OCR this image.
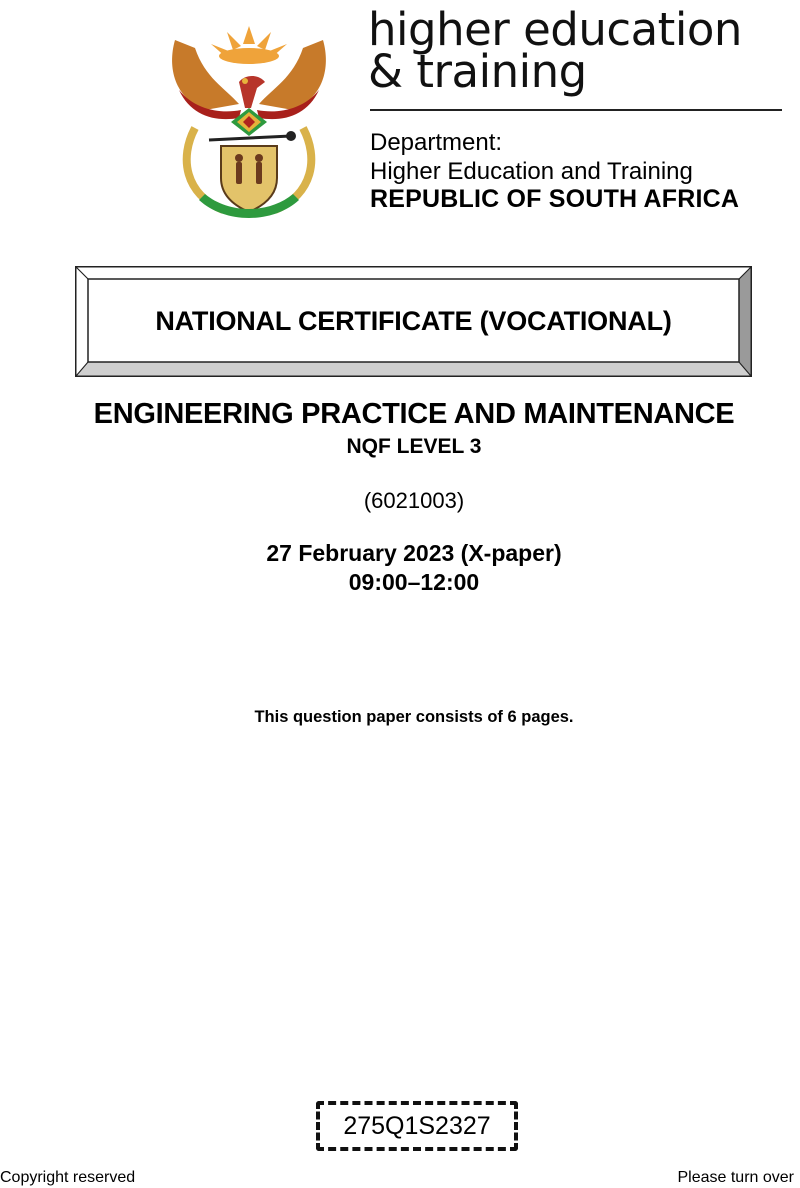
higher education
& training
Department:
Higher Education and Training
REPUBLIC OF SOUTH AFRICA
NATIONAL CERTIFICATE (VOCATIONAL)
ENGINEERING PRACTICE AND MAINTENANCE
NQF LEVEL 3
(6021003)
27 February 2023 (X-paper)
09:00–12:00
This question paper consists of 6 pages.
275Q1S2327
Copyright reserved	Please turn over
